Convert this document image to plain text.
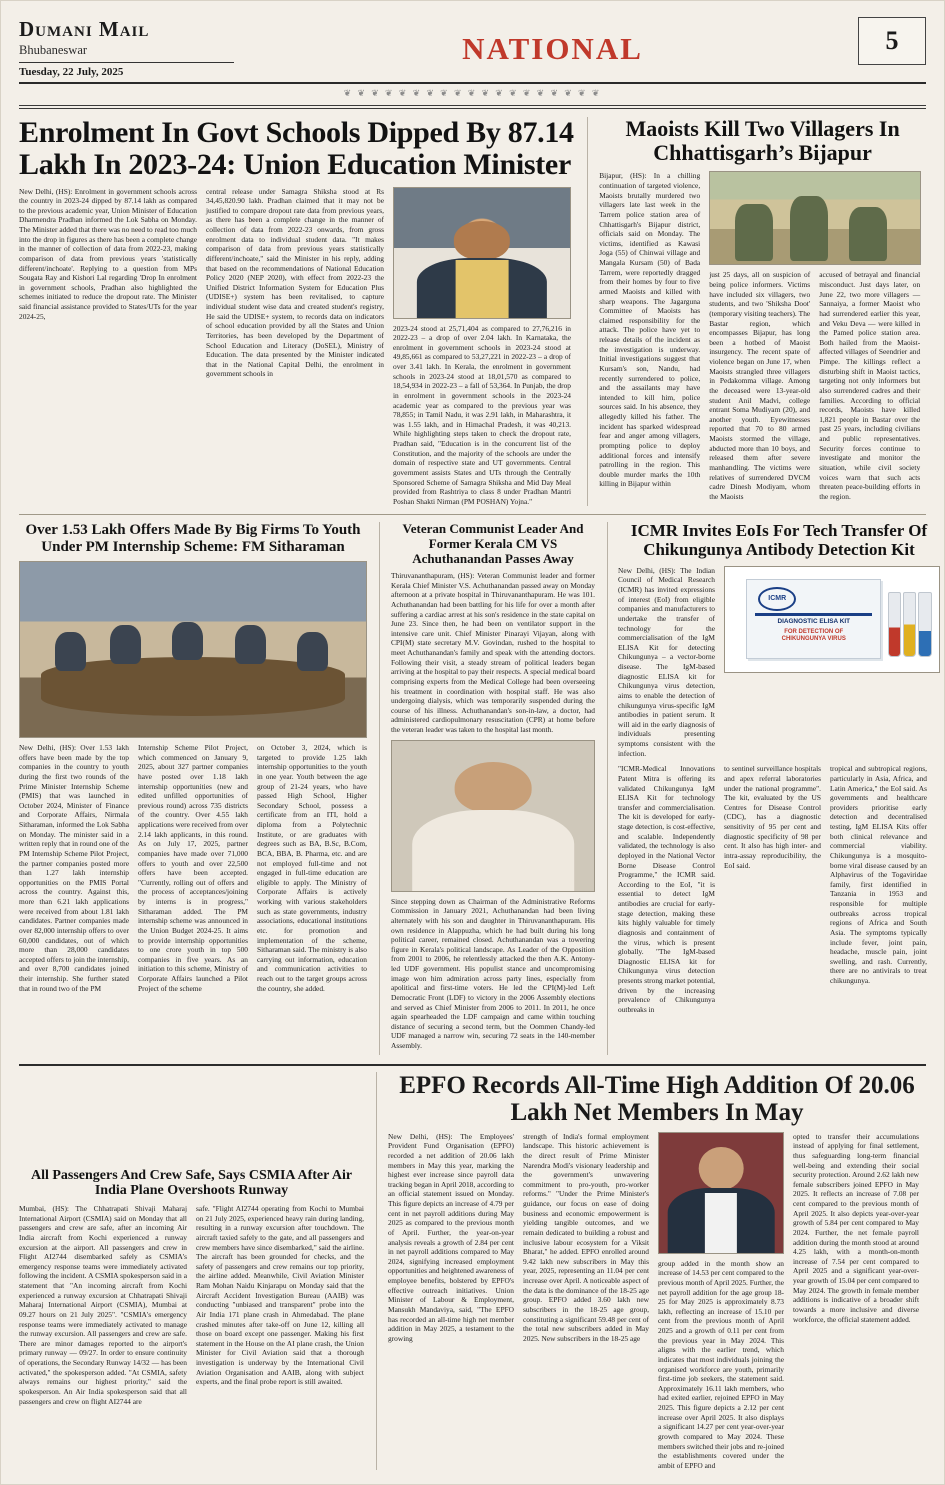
Dumani Mail
Bhubaneswar
Tuesday, 22 July, 2025
NATIONAL	5
❦ ❦ ❦ ❦ ❦ ❦ ❦ ❦ ❦ ❦ ❦ ❦ ❦ ❦ ❦ ❦ ❦ ❦ ❦
Enrolment In Govt Schools Dipped By 87.14 Lakh In 2023-24: Union Education Minister

New Delhi, (HS): Enrolment in government schools across the country in 2023-24 dipped by 87.14 lakh as compared to the previous academic year, Union Minister of Education Dharmendra Pradhan informed the Lok Sabha on Monday. The Minister added that there was no need to read too much into the drop in figures as there has been a complete change in the manner of collection of data from 2022-23, making comparison of data from previous years 'statistically different/inchoate'. Replying to a question from MPs Sougata Ray and Kishori Lal regarding 'Drop In enrolment in government schools, Pradhan also highlighted the schemes initiated to reduce the dropout rate. The Minister said financial assistance provided to States/UTs for the year 2024-25,

central release under Samagra Shiksha stood at Rs 34,45,820.90 lakh. Pradhan claimed that it may not be justified to compare dropout rate data from previous years, as there has been a complete change in the manner of collection of data from 2022-23 onwards, from gross enrolment data to individual student data. "It makes comparison of data from previous years statistically different/inchoate," said the Minister in his reply, adding that based on the recommendations of National Education Policy 2020 (NEP 2020), with effect from 2022-23 the Unified District Information System for Education Plus (UDISE+) system has been revitalised, to capture individual student wise data and created student's registry, He said the UDISE+ system, to records data on indicators of school education provided by all the States and Union Territories, has been developed by the Department of School Education and Literacy (DoSEL), Ministry of Education. The data presented by the Minister indicated that in the National Capital Delhi, the enrolment in government schools in

2023-24 stood at 25,71,404 as compared to 27,76,216 in 2022-23 – a drop of over 2.04 lakh. In Karnataka, the enrolment in government schools in 2023-24 stood at 49,85,661 as compared to 53,27,221 in 2022-23 – a drop of over 3.41 lakh. In Kerala, the enrolment in government schools in 2023-24 stood at 18,01,570 as compared to 18,54,934 in 2022-23 – a fall of 53,364. In Punjab, the drop in enrolment in government schools in the 2023-24 academic year as compared to the previous year was 78,855; in Tamil Nadu, it was 2.91 lakh, in Maharashtra, it was 1.55 lakh, and in Himachal Pradesh, it was 40,213. While highlighting steps taken to check the dropout rate, Pradhan said, "Education is in the concurrent list of the Constitution, and the majority of the schools are under the domain of respective state and UT governments. Central government assists States and UTs through the Centrally Sponsored Scheme of Samagra Shiksha and Mid Day Meal provided from Rashtriya to class 8 under Pradhan Mantri Poshan Shakti Nirman (PM POSHAN) Yojna."
Maoists Kill Two Villagers In Chhattisgarh’s Bijapur

Bijapur, (HS): In a chilling continuation of targeted violence, Maoists brutally murdered two villagers late last week in the Tarrem police station area of Chhattisgarh's Bijapur district, officials said on Monday. The victims, identified as Kawasi Joga (55) of Chinwai village and Mangala Kursam (50) of Bada Tarrem, were reportedly dragged from their homes by four to five armed Maoists and killed with sharp weapons. The Jagarguna Committee of Maoists has claimed responsibility for the attack. The police have yet to release details of the incident as the investigation is underway. Initial investigations suggest that Kursam's son, Nandu, had recently surrendered to police, and the assailants may have intended to kill him, police sources said. In his absence, they allegedly killed his father. The incident has sparked widespread fear and anger among villagers, prompting police to deploy additional forces and intensify patrolling in the region. This double murder marks the 10th killing in Bijapur within

just 25 days, all on suspicion of being police informers. Victims have included six villagers, two students, and two 'Shiksha Doot' (temporary visiting teachers). The Bastar region, which encompasses Bijapur, has long been a hotbed of Maoist insurgency. The recent spate of violence began on June 17, when Maoists strangled three villagers in Pedakomma village. Among the deceased were 13-year-old student Anil Madvi, college entrant Soma Mudiyam (20), and another youth. Eyewitnesses reported that 70 to 80 armed Maoists stormed the village, abducted more than 10 boys, and released them after severe manhandling. The victims were relatives of surrendered DVCM cadre Dinesh Modiyam, whom the Maoists

accused of betrayal and financial misconduct. Just days later, on June 22, two more villagers — Sannaiya, a former Maoist who had surrendered earlier this year, and Veku Deva — were killed in the Pamed police station area. Both hailed from the Maoist-affected villages of Seendrier and Pimpe. The killings reflect a disturbing shift in Maoist tactics, targeting not only informers but also surrendered cadres and their families. According to official records, Maoists have killed 1,821 people in Bastar over the past 25 years, including civilians and public representatives. Security forces continue to investigate and monitor the situation, while civil society voices warn that such acts threaten peace-building efforts in the region.

Over 1.53 Lakh Offers Made By Big Firms To Youth Under PM Internship Scheme: FM Sitharaman

New Delhi, (HS): Over 1.53 lakh offers have been made by the top companies in the country to youth during the first two rounds of the Prime Minister Internship Scheme (PMIS) that was launched in October 2024, Minister of Finance and Corporate Affairs, Nirmala Sitharaman, informed the Lok Sabha on Monday. The minister said in a written reply that in round one of the PM Internship Scheme Pilot Project, the partner companies posted more than 1.27 lakh internship opportunities on the PMIS Portal across the country. Against this, more than 6.21 lakh applications were received from about 1.81 lakh candidates. Partner companies made over 82,000 internship offers to over 60,000 candidates, out of which more than 28,000 candidates accepted offers to join the internship, and over 8,700 candidates joined their internship. She further stated that in round two of the PM

Internship Scheme Pilot Project, which commenced on January 9, 2025, about 327 partner companies have posted over 1.18 lakh internship opportunities (new and edited unfilled opportunities of previous round) across 735 districts of the country. Over 4.55 lakh applications were received from over 2.14 lakh applicants, in this round. As on July 17, 2025, partner companies have made over 71,000 offers to youth and over 22,500 offers have been accepted. "Currently, rolling out of offers and the process of acceptances/joining by interns is in progress," Sitharaman added. The PM internship scheme was announced in the Union Budget 2024-25. It aims to provide internship opportunities to one crore youth in top 500 companies in five years. As an initiation to this scheme, Ministry of Corporate Affairs launched a Pilot Project of the scheme

on October 3, 2024, which is targeted to provide 1.25 lakh internship opportunities to the youth in one year. Youth between the age group of 21-24 years, who have passed High School, Higher Secondary School, possess a certificate from an ITI, hold a diploma from a Polytechnic Institute, or are graduates with degrees such as BA, B.Sc, B.Com, BCA, BBA, B. Pharma, etc. and are not employed full-time and not engaged in full-time education are eligible to apply. The Ministry of Corporate Affairs is actively working with various stakeholders such as state governments, industry associations, educational institutions etc. for promotion and implementation of the scheme, Sitharaman said. The ministry is also carrying out information, education and communication activities to reach out to the target groups across the country, she added.

Veteran Communist Leader And Former Kerala CM VS Achuthanandan Passes Away

Thiruvananthapuram, (HS): Veteran Communist leader and former Kerala Chief Minister V.S. Achuthanandan passed away on Monday afternoon at a private hospital in Thiruvananthapuram. He was 101. Achuthanandan had been battling for his life for over a month after suffering a cardiac arrest at his son's residence in the state capital on June 23. Since then, he had been on ventilator support in the intensive care unit. Chief Minister Pinarayi Vijayan, along with CPI(M) state secretary M.V. Govindan, rushed to the hospital to meet Achuthanandan's family and speak with the attending doctors. Following their visit, a steady stream of political leaders began arriving at the hospital to pay their respects. A special medical board comprising experts from the Medical College had been overseeing his treatment in coordination with hospital staff. He was also undergoing dialysis, which was temporarily suspended during the course of his illness. Achuthanandan's son-in-law, a doctor, had administered cardiopulmonary resuscitation (CPR) at home before the veteran leader was taken to the hospital last month.

Since stepping down as Chairman of the Administrative Reforms Commission in January 2021, Achuthanandan had been living alternately with his son and daughter in Thiruvananthapuram. His own residence in Alappuzha, which he had built during his long political career, remained closed. Achuthanandan was a towering figure in Kerala's political landscape. As Leader of the Opposition from 2001 to 2006, he relentlessly attacked the then A.K. Antony-led UDF government. His populist stance and uncompromising image won him admiration across party lines, especially from apolitical and first-time voters. He led the CPI(M)-led Left Democratic Front (LDF) to victory in the 2006 Assembly elections and served as Chief Minister from 2006 to 2011. In 2011, he once again spearheaded the LDF campaign and came within touching distance of securing a second term, but the Oommen Chandy-led UDF managed a narrow win, securing 72 seats in the 140-member Assembly.

ICMR Invites EoIs For Tech Transfer Of Chikungunya Antibody Detection Kit

New Delhi, (HS): The Indian Council of Medical Research (ICMR) has invited expressions of interest (EoI) from eligible companies and manufacturers to undertake the transfer of technology for the commercialisation of the IgM ELISA Kit for detecting Chikungunya – a vector-borne disease. The IgM-based diagnostic ELISA kit for Chikungunya virus detection, aims to enable the detection of chikungunya virus-specific IgM antibodies in patient serum. It will aid in the early diagnosis of individuals presenting symptoms consistent with the infection.

ICMR
DIAGNOSTIC ELISA KIT
FOR DETECTION OF
CHIKUNGUNYA VIRUS

"ICMR-Medical Innovations Patent Mitra is offering its validated Chikungunya IgM ELISA Kit for technology transfer and commercialisation. The kit is developed for early-stage detection, is cost-effective, and scalable. Independently validated, the technology is also deployed in the National Vector Borne Disease Control Programme," the ICMR said. According to the EoI, "it is essential to detect IgM antibodies are crucial for early-stage detection, making these kits highly valuable for timely diagnosis and containment of the virus, which is present globally. "The IgM-based Diagnostic ELISA kit for Chikungunya virus detection presents strong market potential, driven by the increasing prevalence of Chikungunya outbreaks in

to sentinel surveillance hospitals and apex referral laboratories under the national programme". The kit, evaluated by the US Centres for Disease Control (CDC), has a diagnostic sensitivity of 95 per cent and diagnostic specificity of 98 per cent. It also has high inter- and intra-assay reproducibility, the EoI said.

tropical and subtropical regions, particularly in Asia, Africa, and Latin America," the EoI said. As governments and healthcare providers prioritise early detection and decentralised testing, IgM ELISA Kits offer both clinical relevance and commercial viability. Chikungunya is a mosquito-borne viral disease caused by an Alphavirus of the Togaviridae family, first identified in Tanzania in 1953 and responsible for multiple outbreaks across tropical regions of Africa and South Asia. The symptoms typically include fever, joint pain, headache, muscle pain, joint swelling, and rash. Currently, there are no antivirals to treat chikungunya.

All Passengers And Crew Safe, Says CSMIA After Air India Plane Overshoots Runway

Mumbai, (HS): The Chhatrapati Shivaji Maharaj International Airport (CSMIA) said on Monday that all passengers and crew are safe, after an incoming Air India aircraft from Kochi experienced a runway excursion at the airport. All passengers and crew in Flight AI2744 disembarked safely as CSMIA's emergency response teams were immediately activated following the incident. A CSMIA spokesperson said in a statement that "An incoming aircraft from Kochi experienced a runway excursion at Chhatrapati Shivaji Maharaj International Airport (CSMIA), Mumbai at 09.27 hours on 21 July 2025". "CSMIA's emergency response teams were immediately activated to manage the runway excursion. All passengers and crew are safe. There are minor damages reported to the airport's primary runway — 09/27. In order to ensure continuity of operations, the Secondary Runway 14/32 — has been activated," the spokesperson added. "At CSMIA, safety always remains our highest priority," said the spokesperson. An Air India spokesperson said that all passengers and crew on flight AI2744 are

safe. "Flight AI2744 operating from Kochi to Mumbai on 21 July 2025, experienced heavy rain during landing, resulting in a runway excursion after touchdown. The aircraft taxied safely to the gate, and all passengers and crew members have since disembarked," said the airline. The aircraft has been grounded for checks, and the safety of passengers and crew remains our top priority, the airline added. Meanwhile, Civil Aviation Minister Ram Mohan Naidu Kinjarapu on Monday said that the Aircraft Accident Investigation Bureau (AAIB) was conducting "unbiased and transparent" probe into the Air India 171 plane crash in Ahmedabad. The plane crashed minutes after take-off on June 12, killing all those on board except one passenger. Making his first statement in the House on the AI plane crash, the Union Minister for Civil Aviation said that a thorough investigation is underway by the International Civil Aviation Organisation and AAIB, along with subject experts, and the final probe report is still awaited.

EPFO Records All-Time High Addition Of 20.06 Lakh Net Members In May

New Delhi, (HS): The Employees' Provident Fund Organisation (EPFO) recorded a net addition of 20.06 lakh members in May this year, marking the highest ever increase since payroll data tracking began in April 2018, according to an official statement issued on Monday. This figure depicts an increase of 4.79 per cent in net payroll additions during May 2025 as compared to the previous month of April. Further, the year-on-year analysis reveals a growth of 2.84 per cent in net payroll additions compared to May 2024, signifying increased employment opportunities and heightened awareness of employee benefits, bolstered by EPFO's effective outreach initiatives. Union Minister of Labour & Employment, Mansukh Mandaviya, said, "The EPFO has recorded an all-time high net member addition in May 2025, a testament to the growing

strength of India's formal employment landscape. This historic achievement is the direct result of Prime Minister Narendra Modi's visionary leadership and the government's unwavering commitment to pro-youth, pro-worker reforms." "Under the Prime Minister's guidance, our focus on ease of doing business and economic empowerment is yielding tangible outcomes, and we remain dedicated to building a robust and inclusive labour ecosystem for a Viksit Bharat," he added. EPFO enrolled around 9.42 lakh new subscribers in May this year, 2025, representing an 11.04 per cent increase over April. A noticeable aspect of the data is the dominance of the 18-25 age group. EPFO added 3.60 lakh new subscribers in the 18-25 age group, constituting a significant 59.48 per cent of the total new subscribers added in May 2025. New subscribers in the 18-25 age

group added in the month show an increase of 14.53 per cent compared to the previous month of April 2025. Further, the net payroll addition for the age group 18-25 for May 2025 is approximately 8.73 lakh, reflecting an increase of 15.10 per cent from the previous month of April 2025 and a growth of 0.11 per cent from the previous year in May 2024. This aligns with the earlier trend, which indicates that most individuals joining the organised workforce are youth, primarily first-time job seekers, the statement said. Approximately 16.11 lakh members, who had exited earlier, rejoined EPFO in May 2025. This figure depicts a 2.12 per cent increase over April 2025. It also displays a significant 14.27 per cent year-over-year growth compared to May 2024. These members switched their jobs and re-joined the establishments covered under the ambit of EPFO and

opted to transfer their accumulations instead of applying for final settlement, thus safeguarding long-term financial well-being and extending their social security protection. Around 2.62 lakh new female subscribers joined EPFO in May 2025. It reflects an increase of 7.08 per cent compared to the previous month of April 2025. It also depicts year-over-year growth of 5.84 per cent compared to May 2024. Further, the net female payroll addition during the month stood at around 4.25 lakh, with a month-on-month increase of 7.54 per cent compared to April 2025 and a significant year-over-year growth of 15.04 per cent compared to May 2024. The growth in female member additions is indicative of a broader shift towards a more inclusive and diverse workforce, the official statement added.
